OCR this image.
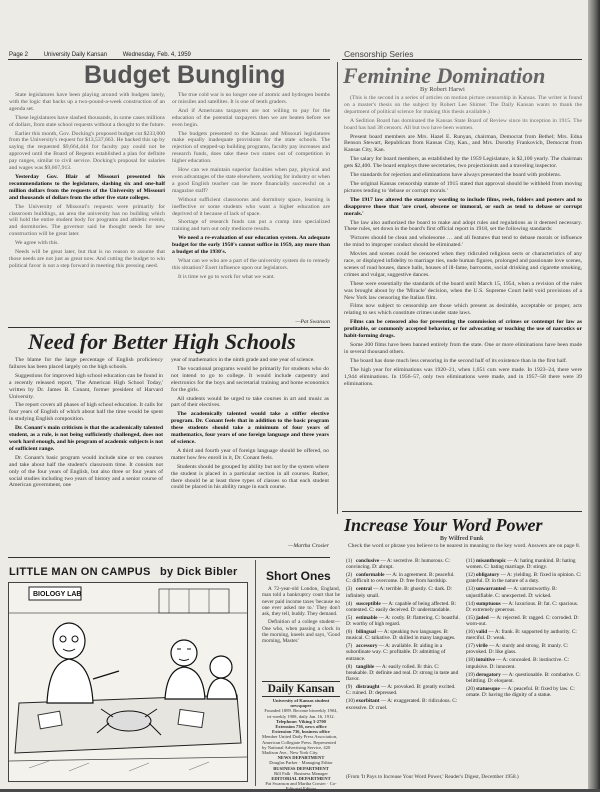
Page 2	University Daily Kansan	Wednesday, Feb. 4, 1959	Censorship Series
Budget Bungling

State legislatures have been playing around with budgets lately, with the logic that backs up a two-pound-a-week construction of an agenda set.

These legislatures have slashed thousands, in some cases millions of dollars, from state school requests without a thought to the future.

Earlier this month, Gov. Docking's proposed budget cut $233,000 from the University's request for $13,537,663. He backed this up by saying the requested $9,664,444 for faculty pay could not be approved until the Board of Regents established a plan for definite pay ranges, similar to civil service. Docking's proposal for salaries and wages was $9,667,913.

Yesterday Gov. Blair of Missouri presented his recommendations to the legislature, slashing six and one-half million dollars from the requests of the University of Missouri and thousands of dollars from the other five state colleges.

The University of Missouri's requests were primarily for classroom buildings, an area the university has no building which will hold the entire student body for programs and athletic events, and dormitories. The governor said he thought needs for new construction will be great later.

We agree with this.

Needs will be great later, but that is no reason to assume that those needs are not just as great now. And cutting the budget to win political favor is not a step forward in meeting this pressing need.

The true cold war is no longer one of atomic and hydrogen bombs or missiles and satellites. It is one of tenth graders.

And if Americans taxpayers are not willing to pay for the education of the potential taxpayers then we are beaten before we even begin.

The budgets presented to the Kansas and Missouri legislatures make equally inadequate provisions for the state schools. The rejection of stepped-up building programs, faculty pay increases and research funds, does take these two states out of competition in higher education.

How can we maintain superior faculties when pay, physical and even advantages of the state elsewhere, working for industry or when a good English teacher can be more financially successful on a magazine staff?

Without sufficient classrooms and dormitory space, learning is ineffective or some students who want a higher education are deprived of it because of lack of space.

Shortage of research funds can put a cramp into specialized training and turn out only mediocre results.

We need a re-evaluation of our education system. An adequate budget for the early 1950's cannot suffice in 1959, any more than a budget of the 1930's.

What can we who are a part of the university system do to remedy this situation? Exert influence upon our legislators.

It is time we go to work for what we want.

—Pat Swanson
Feminine Domination
By Robert Harwi

(This is the second in a series of articles on motion picture censorship in Kansas. The writer is found on a master's thesis on the subject by Robert Lee Shimer. The Daily Kansan wants to thank the department of political science for making this thesis available.)

A Sedition Board has dominated the Kansas State Board of Review since its inception in 1915. The board has had 38 censors. All but two have been women.

Present board members are Mrs. Hazel E. Runyan, chairman, Democrat from Bethel; Mrs. Edna Benson Stewart, Republican from Kansas City, Kan., and Mrs. Dorothy Frankovich, Democrat from Kansas City, Kan.

The salary for board members, as established by the 1959 Legislature, is $2,100 yearly. The chairman gets $2,400. The board employs three secretaries, two projectionists and a traveling inspector.

The standards for rejection and eliminations have always presented the board with problems.

The original Kansas censorship statute of 1915 stated that approval should be withheld from moving pictures tending to 'debase or corrupt morals.'

The 1917 law altered the statutory wording to include films, reels, folders and posters and to disapprove those that 'are cruel, obscene or immoral, or such as tend to debase or corrupt morals.'

The law also authorized the board to make and adopt rules and regulations as it deemed necessary. These rules, set down in the board's first official report in 1918, set the following standards:

'Pictures should be clean and wholesome … and all features that tend to debase morals or influence the mind to improper conduct should be eliminated.'

Movies and scenes could be censored when they ridiculed religious sects or characteristics of any race, or displayed infidelity to marriage ties, nude human figures, prolonged and passionate love scenes, scenes of road houses, dance halls, houses of ill-fame, barrooms, social drinking and cigarette smoking, crimes and vulgar, suggestive dances.

These were essentially the standards of the board until March 15, 1954, when a revision of the rules was brought about by the 'Miracle' decision, when the U.S. Supreme Court held void provisions of a New York law censoring the Italian film.

Films now subject to censorship are those which present as desirable, acceptable or proper, acts relating to sex which constitute crimes under state laws.

Films can be censored also for presenting the commission of crimes or contempt for law as profitable, or commonly accepted behavior, or for advocating or teaching the use of narcotics or habit-forming drugs.

Some 200 films have been banned entirely from the state. One or more eliminations have been made in several thousand others.

The board has done much less censoring in the second half of its existence than in the first half.

The high year for eliminations was 1920–21, when 1,051 cuts were made. In 1923–24, there were 1,944 eliminations. In 1956–57, only two eliminations were made, and in 1957–58 there were 39 eliminations.

Need for Better High Schools

The blame for the large percentage of English proficiency failures has been placed largely on the high schools.

Suggestions for improved high school education can be found in a recently released report, 'The American High School Today,' written by Dr. James B. Conant, former president of Harvard University.

The report covers all phases of high school education. It calls for four years of English of which about half the time would be spent in studying English composition.

Dr. Conant's main criticism is that the academically talented student, as a rule, is not being sufficiently challenged, does not work hard enough, and his program of academic subjects is not of sufficient range.

Dr. Conant's basic program would include nine or ten courses and take about half the student's classroom time. It consists not only of the four years of English, but also three or four years of social studies including two years of history and a senior course of American government, one

year of mathematics in the ninth grade and one year of science.

The vocational programs would be primarily for students who do not intend to go to college. It would include carpentry and electronics for the boys and secretarial training and home economics for the girls.

All students would be urged to take courses in art and music as part of their electives.

The academically talented would take a stiffer elective program. Dr. Conant feels that in addition to the basic program these students should take a minimum of four years of mathematics, four years of one foreign language and three years of science.

A third and fourth year of foreign language should be offered, no matter how few enroll in it, Dr. Conant feels.

Students should be grouped by ability but not by the system where the student is placed in a particular section in all courses. Rather, there should be at least three types of classes so that each student could be placed in his ability range in each course.

—Martha Crosier
LITTLE MAN ON CAMPUS by Dick Bibler
BIOLOGY LAB
Short Ones

A 72-year-old London, England, man told a bankruptcy court that he never paid income taxes 'because no one ever asked me to.' They don't ask, they tell, buddy. They demand.

Definition of a college student—One who, when passing a clock in the morning, kneels and says, 'Good morning, Master.'

Daily Kansan
University of Kansas student newspaper
Founded 1889. Become biweekly 1904,
tri-weekly 1908, daily Jan. 16, 1912.
Telephone: Viking 3-2700
Extension 736, news office
Extension 736, business office
Member United Daily Press Association, American Collegiate Press. Represented by National Advertising Service, 420 Madison Ave., New York City.
NEWS DEPARTMENT
Douglas Parker · Managing Editor
BUSINESS DEPARTMENT
Bill Falk · Business Manager
EDITORIAL DEPARTMENT
Pat Swanson and Martha Crosier · Co-Editorial Editors
Increase Your Word Power
By Wilfred Funk
Check the word or phrase you believe to be nearest in meaning to the key word. Answers are on page 8.
(1) conclusive — A: secretive. B: humorous. C: convincing. D: abrupt.
(2) conformable — A: in agreement. B: peaceful. C: difficult to overcome. D: free from hardship.
(3) central — A: terrible. B: ghostly. C: dark. D: infinitely small.
(4) susceptible — A: capable of being affected. B: contented. C: easily deceived. D: understandable.
(5) estimable — A: costly. B: flattering. C: boastful. D: worthy of high regard.
(6) bilingual — A: speaking two languages. B: musical. C: talkative. D: skilled in many languages.
(7) accessory — A: available. B: aiding in a subordinate way. C: profitable. D: admitting of entrance.
(8) tangible — A: easily rolled. B: thin. C: breakable. D: definite and real. D: strong in taste and flavor.
(9) distraught — A: provoked. B: greatly excited. C: ruined. D: depressed.
(10)exorbitant — A: exaggerated. B: ridiculous. C: excessive. D: cruel.
(11)misanthropic — A: hating mankind. B: hating women. C: hating marriage. D: stingy.
(12)obligatory — A: yielding. B: fixed in opinion. C: grateful. D: in the nature of a duty.
(13)unwarranted — A: untrustworthy. B: unjustifiable. C: unexpected. D: wicked.
(14)sumptuous — A: luxurious. B: fat. C: spacious. D: extremely generous.
(15)jaded — A: rejected. B: ragged. C: corroded. D: worn-out.
(16)valid — A: frank. B: supported by authority. C: merciful. D: weak.
(17)virile — A: sturdy and strong. B: manly. C: provoked. D: like glass.
(18)intuitive — A: concealed. B: instinctive. C: impulsive. D: innocent.
(19)derogatory — A: questionable. B: combative. C: belittling. D: eloquent.
(20)statuesque — A: peaceful. B: fixed by law. C: ornate. D: having the dignity of a statue.
(From 'It Pays to Increase Your Word Power,' Reader's Digest, December 1958.)
